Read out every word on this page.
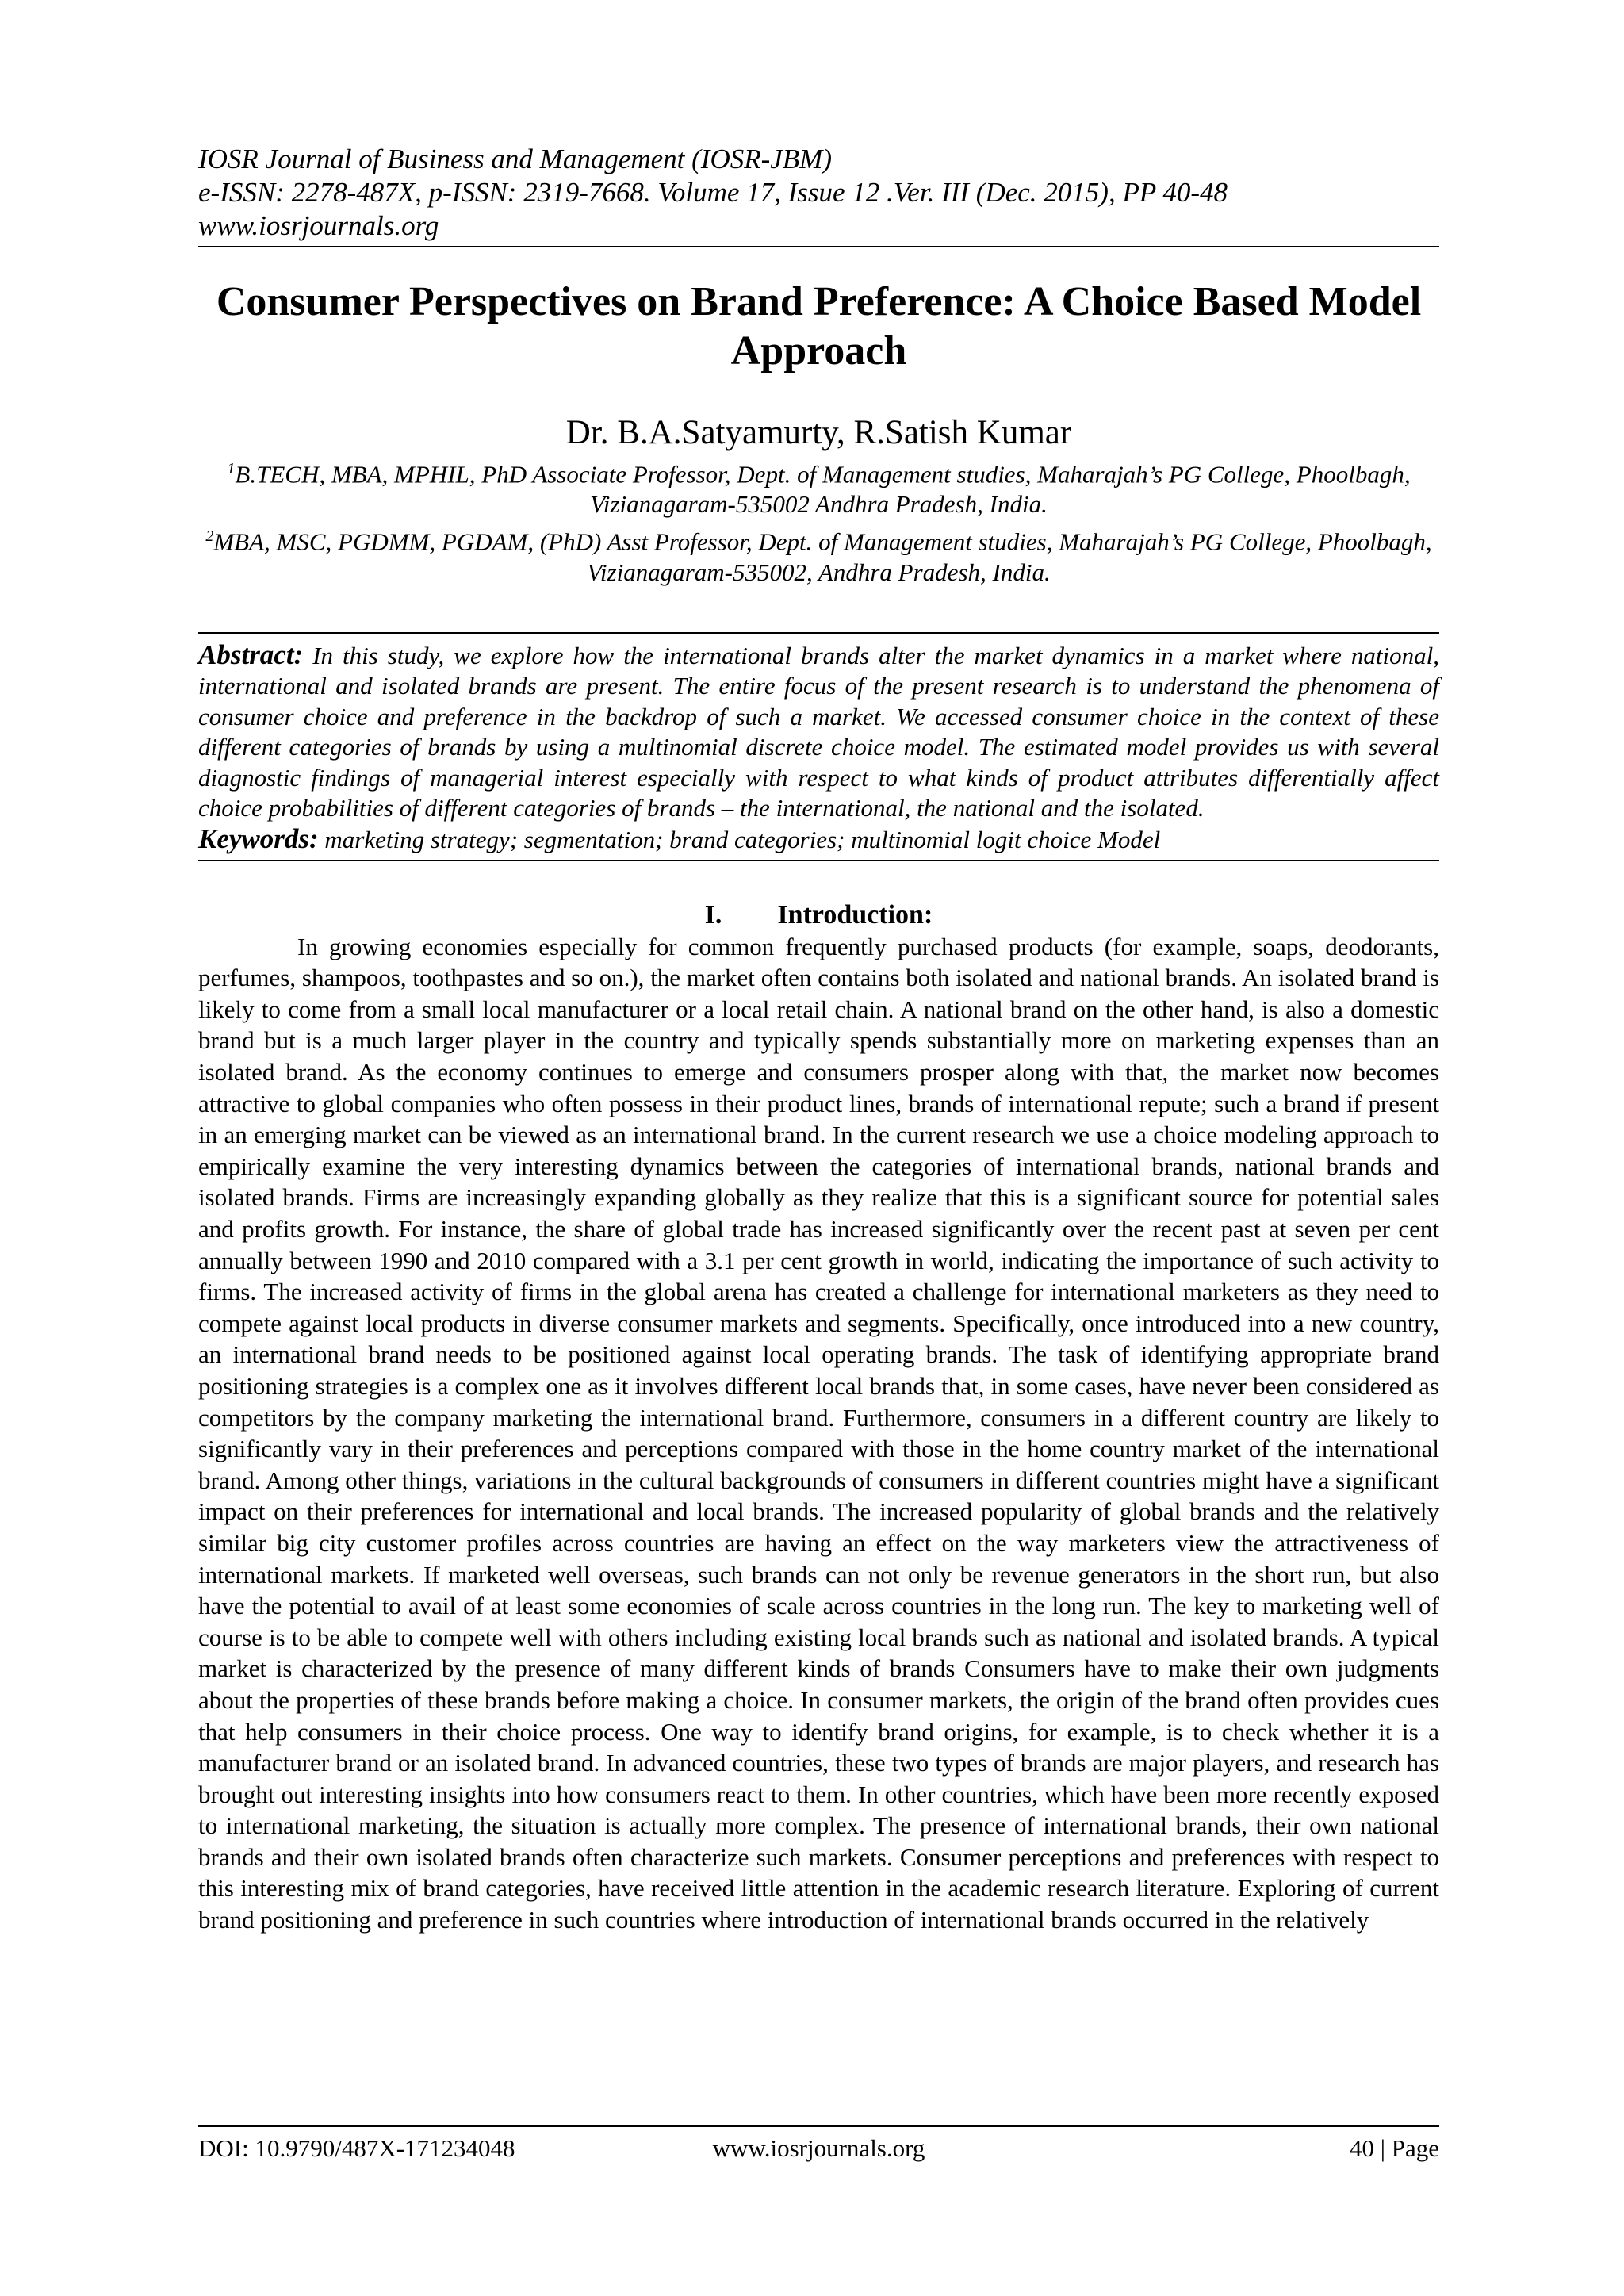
IOSR Journal of Business and Management (IOSR-JBM)
e-ISSN: 2278-487X, p-ISSN: 2319-7668. Volume 17, Issue 12 .Ver. III (Dec. 2015), PP 40-48
www.iosrjournals.org
Consumer Perspectives on Brand Preference: A Choice Based Model Approach
Dr. B.A.Satyamurty, R.Satish Kumar
$^1$B.TECH, MBA, MPHIL, PhD Associate Professor, Dept. of Management studies, Maharajah’s PG College, Phoolbagh, Vizianagaram-535002 Andhra Pradesh, India.
$^2$MBA, MSC, PGDMM, PGDAM, (PhD) Asst Professor, Dept. of Management studies, Maharajah’s PG College, Phoolbagh, Vizianagaram-535002, Andhra Pradesh, India.
Abstract: In this study, we explore how the international brands alter the market dynamics in a market where national, international and isolated brands are present. The entire focus of the present research is to understand the phenomena of consumer choice and preference in the backdrop of such a market. We accessed consumer choice in the context of these different categories of brands by using a multinomial discrete choice model. The estimated model provides us with several diagnostic findings of managerial interest especially with respect to what kinds of product attributes differentially affect choice probabilities of different categories of brands – the international, the national and the isolated.
Keywords: marketing strategy; segmentation; brand categories; multinomial logit choice Model
I. Introduction:
In growing economies especially for common frequently purchased products (for example, soaps, deodorants, perfumes, shampoos, toothpastes and so on.), the market often contains both isolated and national brands. An isolated brand is likely to come from a small local manufacturer or a local retail chain. A national brand on the other hand, is also a domestic brand but is a much larger player in the country and typically spends substantially more on marketing expenses than an isolated brand. As the economy continues to emerge and consumers prosper along with that, the market now becomes attractive to global companies who often possess in their product lines, brands of international repute; such a brand if present in an emerging market can be viewed as an international brand. In the current research we use a choice modeling approach to empirically examine the very interesting dynamics between the categories of international brands, national brands and isolated brands. Firms are increasingly expanding globally as they realize that this is a significant source for potential sales and profits growth. For instance, the share of global trade has increased significantly over the recent past at seven per cent annually between 1990 and 2010 compared with a 3.1 per cent growth in world, indicating the importance of such activity to firms. The increased activity of firms in the global arena has created a challenge for international marketers as they need to compete against local products in diverse consumer markets and segments. Specifically, once introduced into a new country, an international brand needs to be positioned against local operating brands. The task of identifying appropriate brand positioning strategies is a complex one as it involves different local brands that, in some cases, have never been considered as competitors by the company marketing the international brand. Furthermore, consumers in a different country are likely to significantly vary in their preferences and perceptions compared with those in the home country market of the international brand. Among other things, variations in the cultural backgrounds of consumers in different countries might have a significant impact on their preferences for international and local brands. The increased popularity of global brands and the relatively similar big city customer profiles across countries are having an effect on the way marketers view the attractiveness of international markets. If marketed well overseas, such brands can not only be revenue generators in the short run, but also have the potential to avail of at least some economies of scale across countries in the long run. The key to marketing well of course is to be able to compete well with others including existing local brands such as national and isolated brands. A typical market is characterized by the presence of many different kinds of brands Consumers have to make their own judgments about the properties of these brands before making a choice. In consumer markets, the origin of the brand often provides cues that help consumers in their choice process. One way to identify brand origins, for example, is to check whether it is a manufacturer brand or an isolated brand. In advanced countries, these two types of brands are major players, and research has brought out interesting insights into how consumers react to them. In other countries, which have been more recently exposed to international marketing, the situation is actually more complex. The presence of international brands, their own national brands and their own isolated brands often characterize such markets. Consumer perceptions and preferences with respect to this interesting mix of brand categories, have received little attention in the academic research literature. Exploring of current brand positioning and preference in such countries where introduction of international brands occurred in the relatively
DOI: 10.9790/487X-171234048	www.iosrjournals.org	40 | Page
